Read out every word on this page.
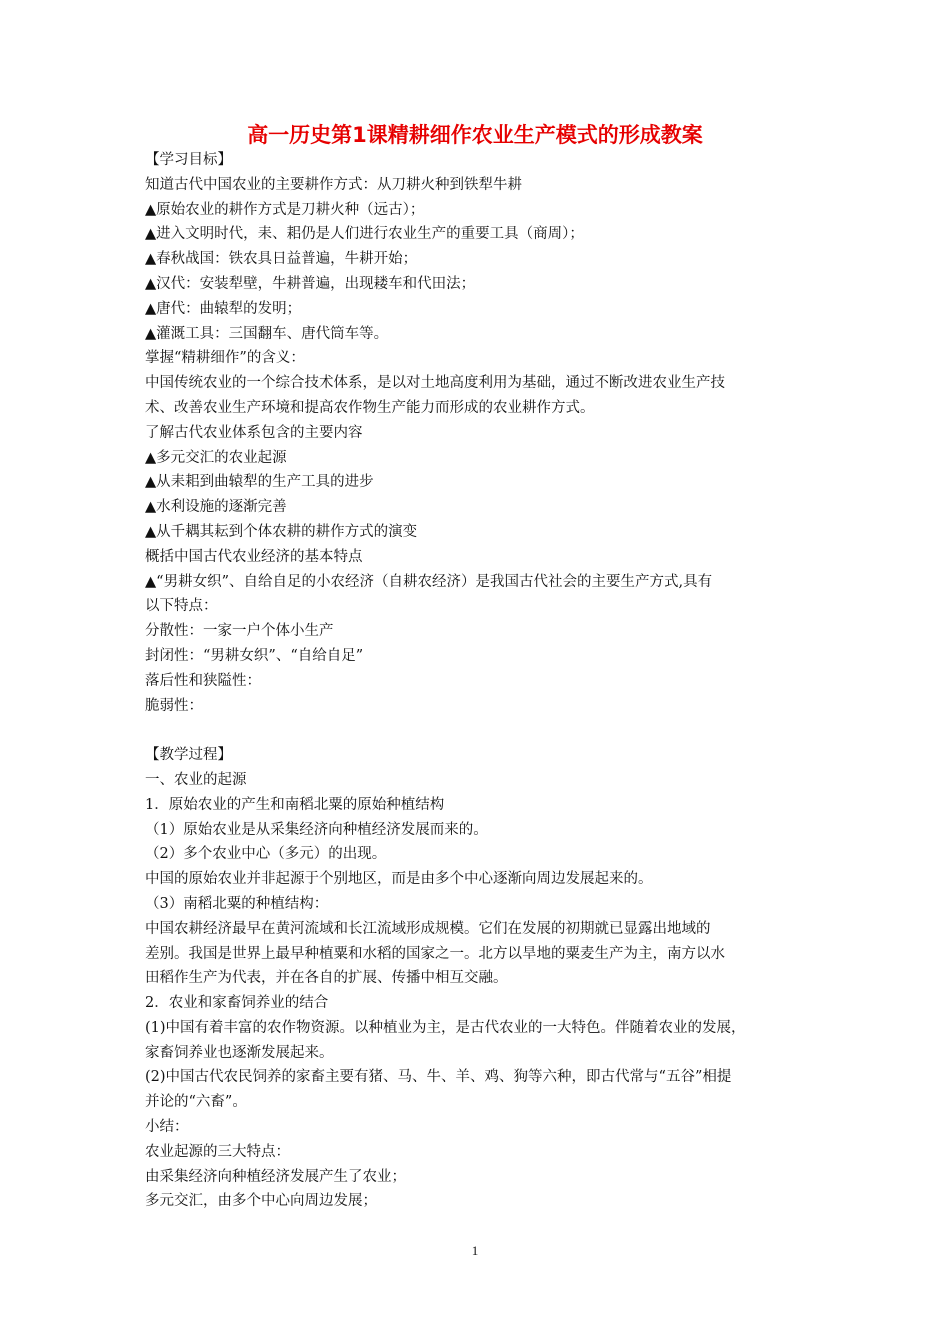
高一历史第1课精耕细作农业生产模式的形成教案
【学习目标】
知道古代中国农业的主要耕作方式：从刀耕火种到铁犁牛耕
▲原始农业的耕作方式是刀耕火种（远古）；
▲进入文明时代，耒、耜仍是人们进行农业生产的重要工具（商周）；
▲春秋战国：铁农具日益普遍，牛耕开始；
▲汉代：安装犁壁，牛耕普遍，出现耧车和代田法；
▲唐代：曲辕犁的发明；
▲灌溉工具：三国翻车、唐代筒车等。
掌握“精耕细作”的含义：
中国传统农业的一个综合技术体系，是以对土地高度利用为基础，通过不断改进农业生产技
术、改善农业生产环境和提高农作物生产能力而形成的农业耕作方式。
了解古代农业体系包含的主要内容
▲多元交汇的农业起源
▲从耒耜到曲辕犁的生产工具的进步
▲水利设施的逐渐完善
▲从千耦其耘到个体农耕的耕作方式的演变
概括中国古代农业经济的基本特点
▲“男耕女织”、自给自足的小农经济（自耕农经济）是我国古代社会的主要生产方式,具有
以下特点：
分散性：一家一户个体小生产
封闭性：“男耕女织”、“自给自足”
落后性和狭隘性：
脆弱性：
【教学过程】
一、农业的起源
1．原始农业的产生和南稻北粟的原始种植结构
（1）原始农业是从采集经济向种植经济发展而来的。
（2）多个农业中心（多元）的出现。
中国的原始农业并非起源于个别地区，而是由多个中心逐渐向周边发展起来的。
（3）南稻北粟的种植结构：
中国农耕经济最早在黄河流域和长江流域形成规模。它们在发展的初期就已显露出地域的
差别。我国是世界上最早种植粟和水稻的国家之一。北方以旱地的粟麦生产为主，南方以水
田稻作生产为代表，并在各自的扩展、传播中相互交融。
2．农业和家畜饲养业的结合
(1)中国有着丰富的农作物资源。以种植业为主，是古代农业的一大特色。伴随着农业的发展，
家畜饲养业也逐渐发展起来。
(2)中国古代农民饲养的家畜主要有猪、马、牛、羊、鸡、狗等六种，即古代常与“五谷”相提
并论的“六畜”。
小结：
农业起源的三大特点：
由采集经济向种植经济发展产生了农业；
多元交汇，由多个中心向周边发展；
1
